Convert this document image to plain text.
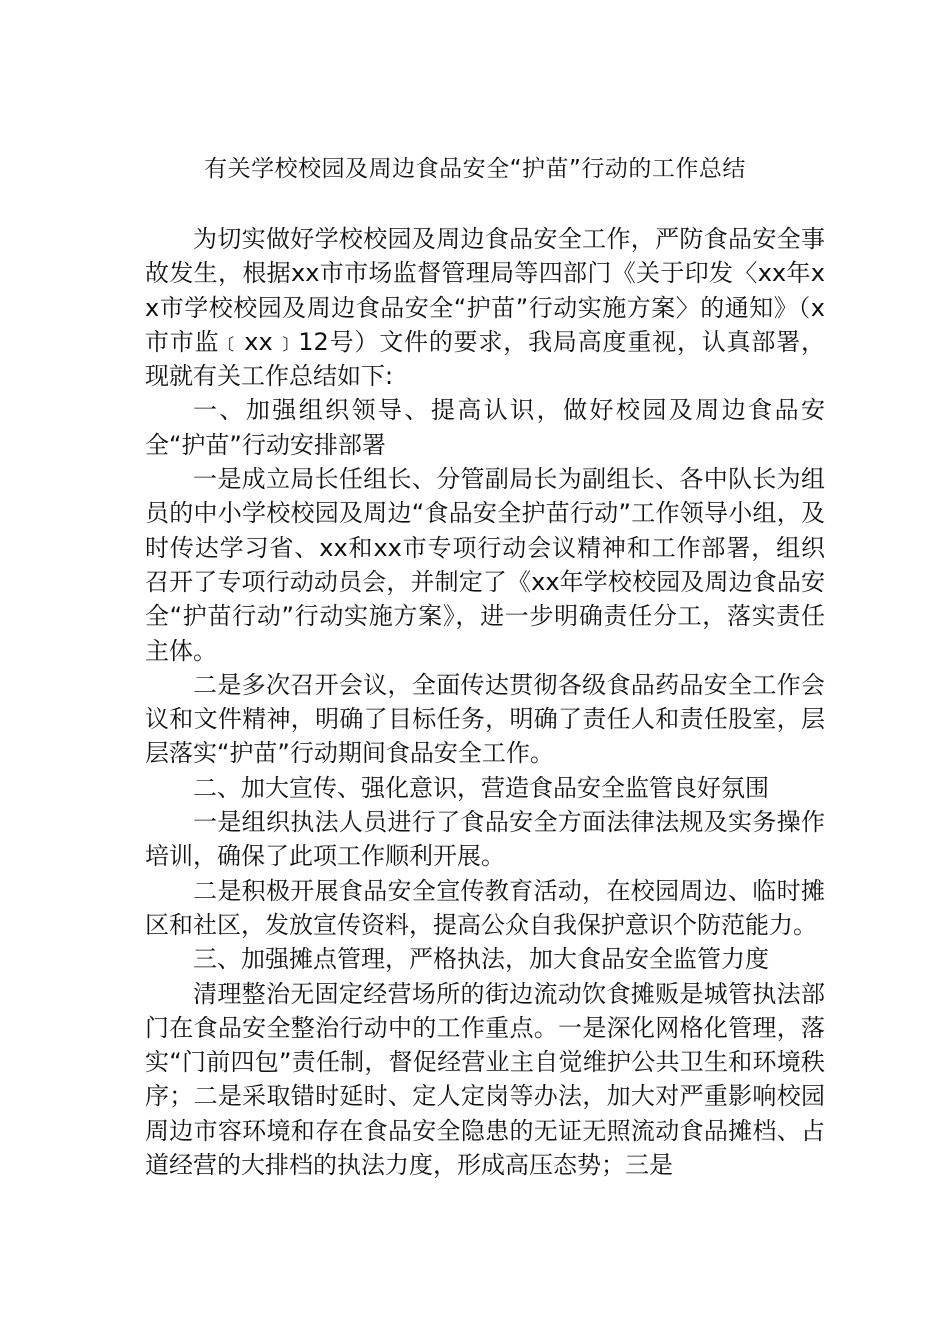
有关学校校园及周边食品安全“护苗”行动的工作总结

为切实做好学校校园及周边食品安全工作，严防食品安全事故发生，根据xx市市场监督管理局等四部门《关于印发〈xx年xx市学校校园及周边食品安全“护苗”行动实施方案〉的通知》（x市市监﹝xx﹞12号）文件的要求，我局高度重视，认真部署，现就有关工作总结如下:

一、加强组织领导、提高认识，做好校园及周边食品安全“护苗”行动安排部署

一是成立局长任组长、分管副局长为副组长、各中队长为组员的中小学校校园及周边“食品安全护苗行动”工作领导小组，及时传达学习省、xx和xx市专项行动会议精神和工作部署，组织召开了专项行动动员会，并制定了《xx年学校校园及周边食品安全“护苗行动”行动实施方案》，进一步明确责任分工，落实责任主体。

二是多次召开会议，全面传达贯彻各级食品药品安全工作会议和文件精神，明确了目标任务，明确了责任人和责任股室，层层落实“护苗”行动期间食品安全工作。

二、加大宣传、强化意识，营造食品安全监管良好氛围

一是组织执法人员进行了食品安全方面法律法规及实务操作培训，确保了此项工作顺利开展。

二是积极开展食品安全宣传教育活动，在校园周边、临时摊区和社区，发放宣传资料，提高公众自我保护意识个防范能力。

三、加强摊点管理，严格执法，加大食品安全监管力度

清理整治无固定经营场所的街边流动饮食摊贩是城管执法部门在食品安全整治行动中的工作重点。一是深化网格化管理，落实“门前四包”责任制，督促经营业主自觉维护公共卫生和环境秩序；二是采取错时延时、定人定岗等办法，加大对严重影响校园周边市容环境和存在食品安全隐患的无证无照流动食品摊档、占道经营的大排档的执法力度，形成高压态势；三是
